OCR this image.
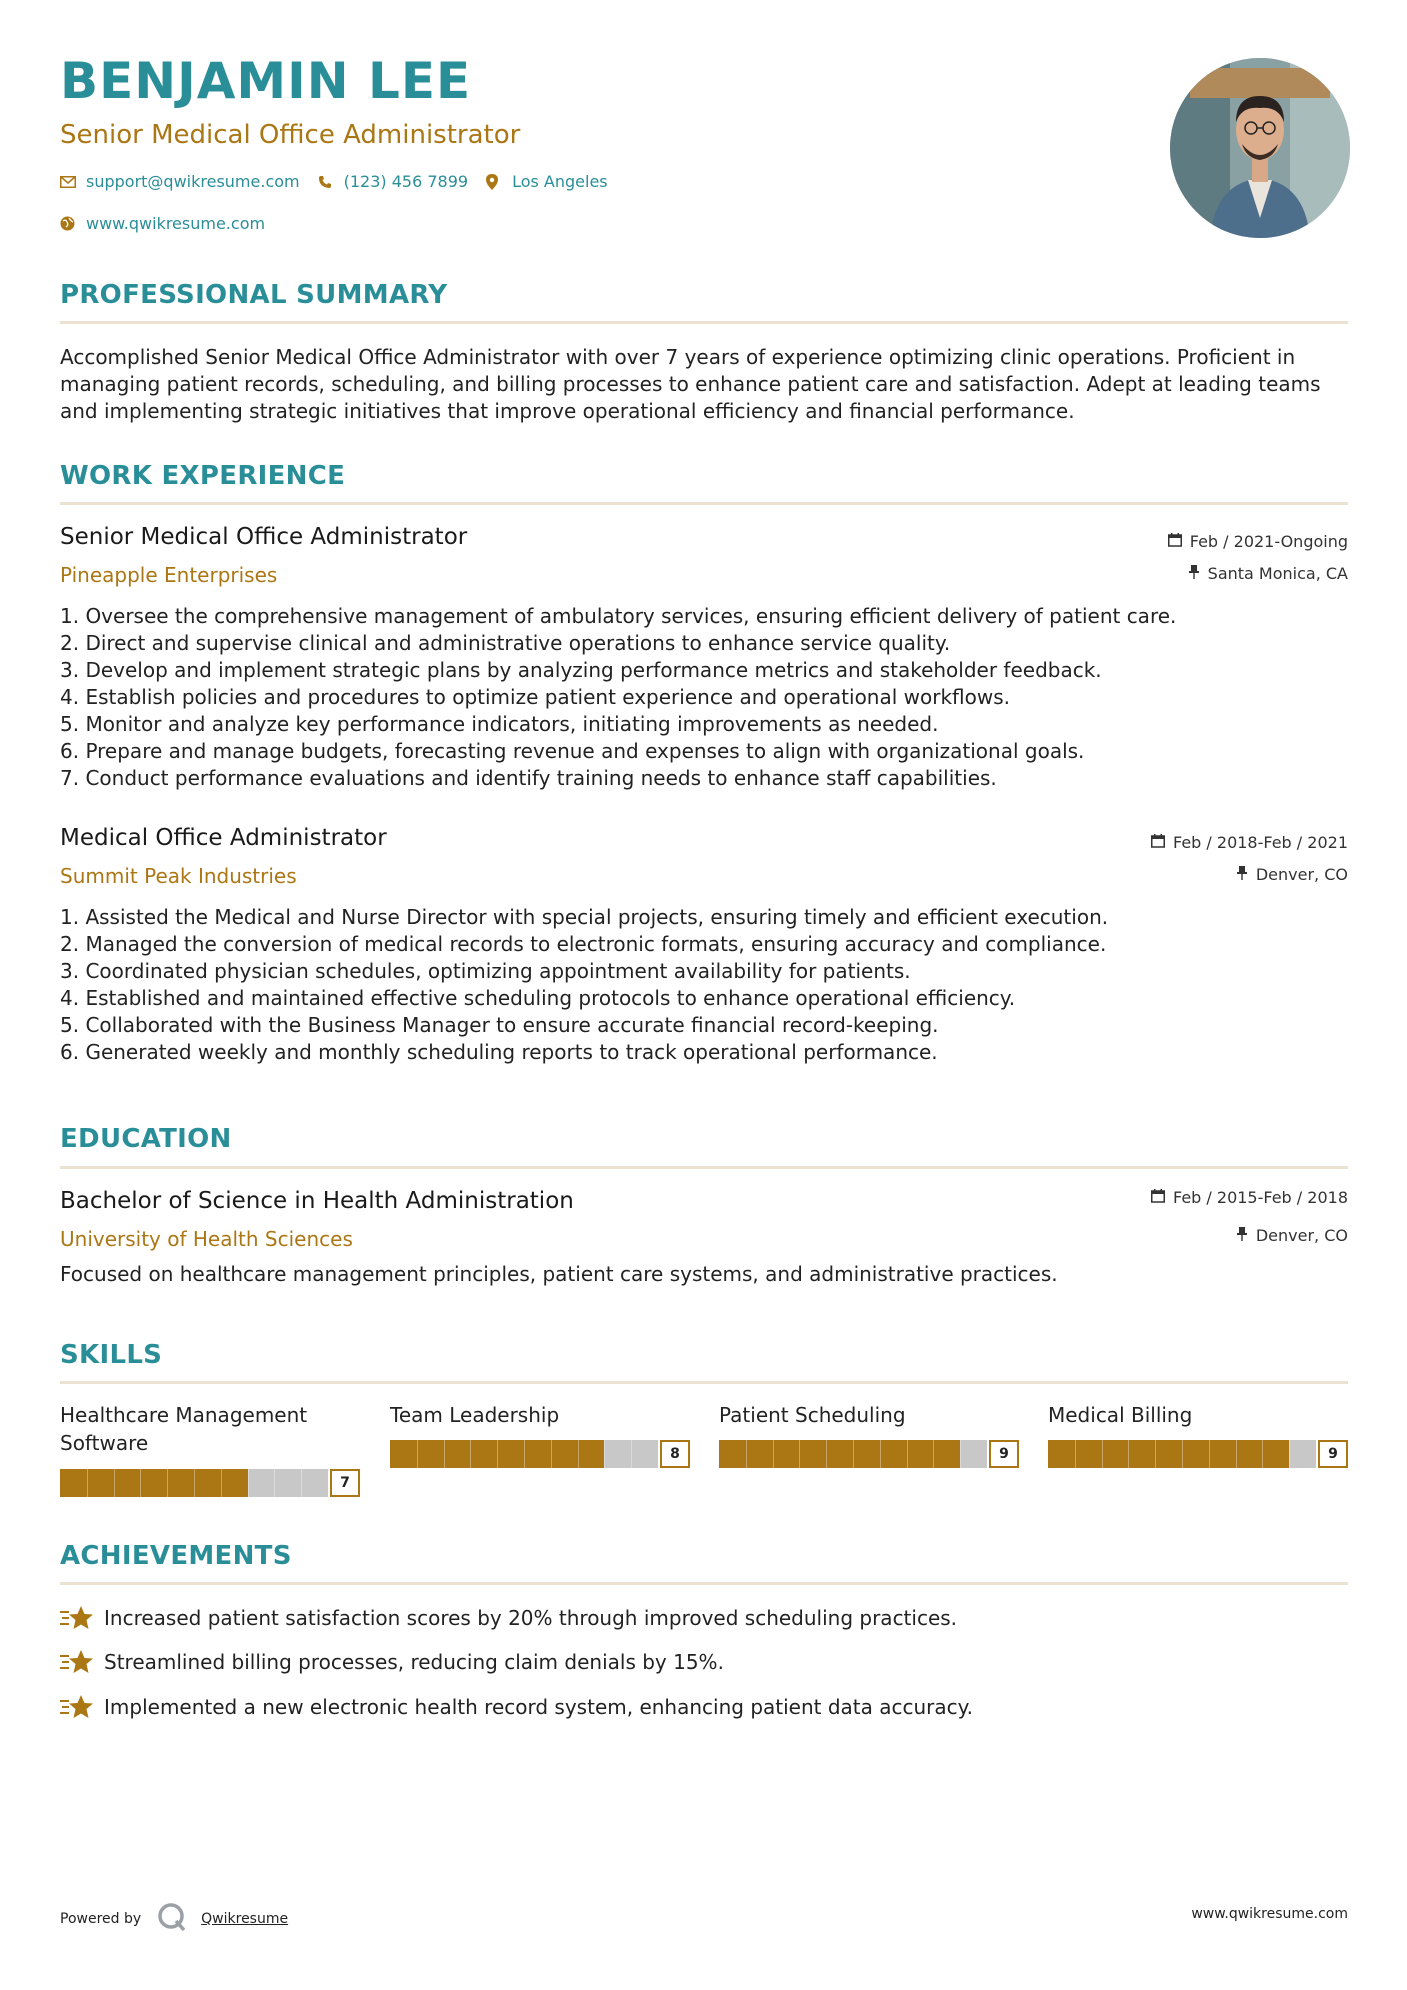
BENJAMIN LEE
Senior Medical Office Administrator
support@qwikresume.com	(123) 456 7899	Los Angeles
www.qwikresume.com
PROFESSIONAL SUMMARY
Accomplished Senior Medical Office Administrator with over 7 years of experience optimizing clinic operations. Proficient in managing patient records, scheduling, and billing processes to enhance patient care and satisfaction. Adept at leading teams and implementing strategic initiatives that improve operational efficiency and financial performance.
WORK EXPERIENCE
Senior Medical Office Administrator
Pineapple Enterprises
Feb / 2021-Ongoing
Santa Monica, CA
1. Oversee the comprehensive management of ambulatory services, ensuring efficient delivery of patient care.
2. Direct and supervise clinical and administrative operations to enhance service quality.
3. Develop and implement strategic plans by analyzing performance metrics and stakeholder feedback.
4. Establish policies and procedures to optimize patient experience and operational workflows.
5. Monitor and analyze key performance indicators, initiating improvements as needed.
6. Prepare and manage budgets, forecasting revenue and expenses to align with organizational goals.
7. Conduct performance evaluations and identify training needs to enhance staff capabilities.
Medical Office Administrator
Summit Peak Industries
Feb / 2018-Feb / 2021
Denver, CO
1. Assisted the Medical and Nurse Director with special projects, ensuring timely and efficient execution.
2. Managed the conversion of medical records to electronic formats, ensuring accuracy and compliance.
3. Coordinated physician schedules, optimizing appointment availability for patients.
4. Established and maintained effective scheduling protocols to enhance operational efficiency.
5. Collaborated with the Business Manager to ensure accurate financial record-keeping.
6. Generated weekly and monthly scheduling reports to track operational performance.
EDUCATION
Bachelor of Science in Health Administration
University of Health Sciences
Feb / 2015-Feb / 2018
Denver, CO
Focused on healthcare management principles, patient care systems, and administrative practices.
SKILLS
Healthcare Management Software
7
Team Leadership
8
Patient Scheduling
9
Medical Billing
9
ACHIEVEMENTS
Increased patient satisfaction scores by 20% through improved scheduling practices.
Streamlined billing processes, reducing claim denials by 15%.
Implemented a new electronic health record system, enhancing patient data accuracy.
Powered by	Qwikresume	www.qwikresume.com
